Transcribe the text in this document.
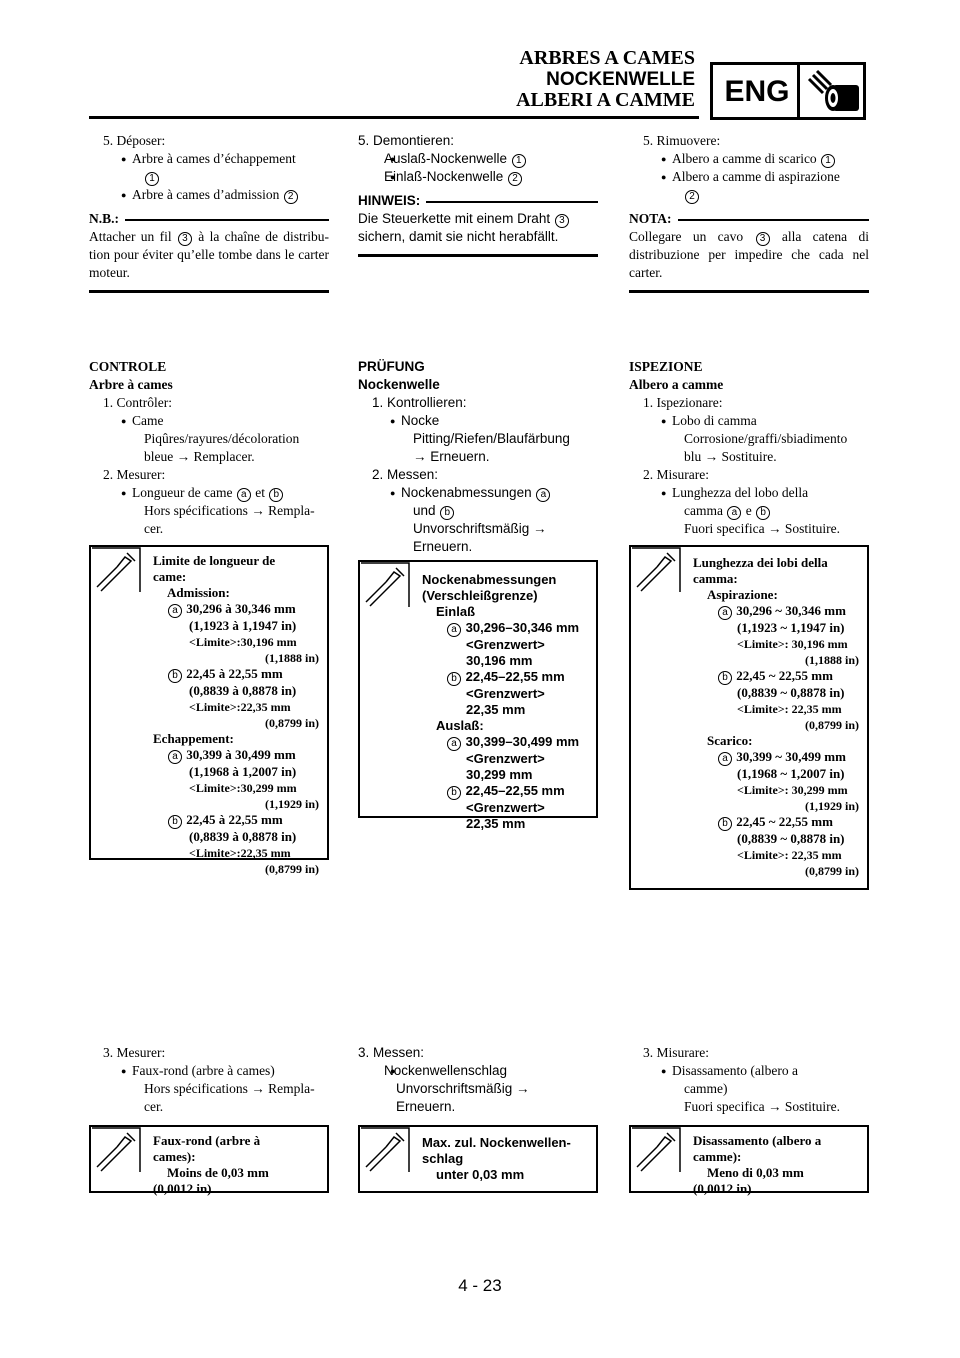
ARBRES A CAMES
NOCKENWELLE
ALBERI A CAMME ENG
5. Déposer:
● Arbre à cames d’échappement
1
● Arbre à cames d’admission 2
N.B.:
Attacher un fil 3 à la chaîne de distribu-tion pour éviter qu’elle tombe dans le carter moteur.
CONTROLE
Arbre à cames
1. Contrôler:
● Came
Piqûres/rayures/décoloration
bleue → Remplacer.
2. Mesurer:
● Longueur de came a et b
Hors spécifications → Rempla-
cer.
Limite de longueur de
came:
Admission:
a 30,296 à 30,346 mm
(1,1923 à 1,1947 in)
<Limite>:30,196 mm
(1,1888 in)
b 22,45 à 22,55 mm
(0,8839 à 0,8878 in)
<Limite>:22,35 mm
(0,8799 in)
Echappement:
a 30,399 à 30,499 mm
(1,1968 à 1,2007 in)
<Limite>:30,299 mm
(1,1929 in)
b 22,45 à 22,55 mm
(0,8839 à 0,8878 in)
<Limite>:22,35 mm
(0,8799 in)
3. Mesurer:
● Faux-rond (arbre à cames)
Hors spécifications → Rempla-
cer.
Faux-rond (arbre à
cames):
Moins de 0,03 mm
(0,0012 in)
5. Demontieren:
● Auslaß-Nockenwelle 1
● Einlaß-Nockenwelle 2
HINWEIS:
Die Steuerkette mit einem Draht 3 sichern, damit sie nicht herabfällt.
PRÜFUNG
Nockenwelle
1. Kontrollieren:
● Nocke
Pitting/Riefen/Blaufärbung
→ Erneuern.
2. Messen:
● Nockenabmessungen a
und b
Unvorschriftsmäßig →
Erneuern.
Nockenabmessungen
(Verschleißgrenze)
Einlaß
a 30,296–30,346 mm
<Grenzwert>
30,196 mm
b 22,45–22,55 mm
<Grenzwert>
22,35 mm
Auslaß:
a 30,399–30,499 mm
<Grenzwert>
30,299 mm
b 22,45–22,55 mm
<Grenzwert>
22,35 mm
3. Messen:
● Nockenwellenschlag
Unvorschriftsmäßig →
Erneuern.
Max. zul. Nockenwellen-
schlag
unter 0,03 mm
5. Rimuovere:
● Albero a camme di scarico 1
● Albero a camme di aspirazione
2
NOTA:
Collegare un cavo 3 alla catena di distribuzione per impedire che cada nel carter.
ISPEZIONE
Albero a camme
1. Ispezionare:
● Lobo di camma
Corrosione/graffi/sbiadimento
blu → Sostituire.
2. Misurare:
● Lunghezza del lobo della
camma a e b
Fuori specifica → Sostituire.
Lunghezza dei lobi della
camma:
Aspirazione:
a 30,296 ~ 30,346 mm
(1,1923 ~ 1,1947 in)
<Limite>: 30,196 mm
(1,1888 in)
b 22,45 ~ 22,55 mm
(0,8839 ~ 0,8878 in)
<Limite>: 22,35 mm
(0,8799 in)
Scarico:
a 30,399 ~ 30,499 mm
(1,1968 ~ 1,2007 in)
<Limite>: 30,299 mm
(1,1929 in)
b 22,45 ~ 22,55 mm
(0,8839 ~ 0,8878 in)
<Limite>: 22,35 mm
(0,8799 in)
3. Misurare:
● Disassamento (albero a
camme)
Fuori specifica → Sostituire.
Disassamento (albero a
camme):
Meno di 0,03 mm
(0,0012 in)
4 - 23
